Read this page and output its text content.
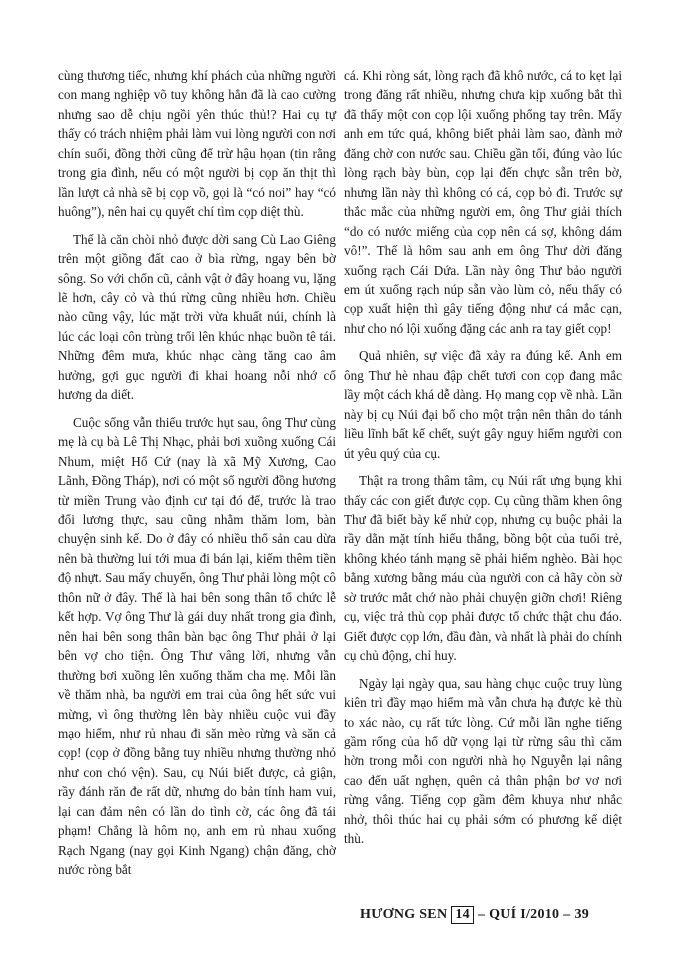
cùng thương tiếc, nhưng khí phách của những người con mang nghiệp võ tuy không hẳn đã là cao cường nhưng sao dễ chịu ngồi yên thúc thủ!? Hai cụ tự thấy có trách nhiệm phải làm vui lòng người con nơi chín suối, đồng thời cũng để trừ hậu họan (tin rằng trong gia đình, nếu có một người bị cọp ăn thịt thì lần lượt cả nhà sẽ bị cọp vồ, gọi là “có noi” hay “có huông”), nên hai cụ quyết chí tìm cọp diệt thù.

Thế là căn chòi nhỏ được dời sang Cù Lao Giêng trên một giồng đất cao ở bìa rừng, ngay bên bờ sông. So với chốn cũ, cảnh vật ở đây hoang vu, lặng lẽ hơn, cây cỏ và thú rừng cũng nhiều hơn. Chiều nào cũng vậy, lúc mặt trời vừa khuất núi, chính là lúc các loại côn trùng trổi lên khúc nhạc buồn tê tái. Những đêm mưa, khúc nhạc càng tăng cao âm hưởng, gợi gục người đi khai hoang nỗi nhớ cố hương da diết.

Cuộc sống vẫn thiếu trước hụt sau, ông Thư cùng mẹ là cụ bà Lê Thị Nhạc, phải bơi xuồng xuống Cái Nhum, miệt Hổ Cứ (nay là xã Mỹ Xương, Cao Lãnh, Đồng Tháp), nơi có một số người đồng hương từ miền Trung vào định cư tại đó để, trước là trao đổi lương thực, sau cũng nhằm thăm lom, bàn chuyện sinh kế. Do ở đây có nhiều thổ sản cau dừa nên bà thường lui tới mua đi bán lại, kiếm thêm tiền độ nhựt. Sau mấy chuyến, ông Thư phải lòng một cô thôn nữ ở đây. Thế là hai bên song thân tổ chức lễ kết hợp. Vợ ông Thư là gái duy nhất trong gia đình, nên hai bên song thân bàn bạc ông Thư phải ở lại bên vợ cho tiện. Ông Thư vâng lời, nhưng vẫn thường bơi xuồng lên xuống thăm cha mẹ. Mỗi lần về thăm nhà, ba người em trai của ông hết sức vui mừng, vì ông thường lên bày nhiều cuộc vui đầy mạo hiểm, như rủ nhau đi săn mèo rừng và săn cả cọp! (cọp ở đồng bằng tuy nhiều nhưng thường nhỏ như con chó vện). Sau, cụ Núi biết được, cả giận, rầy đánh răn đe rất dữ, nhưng do bản tính ham vui, lại can đảm nên có lần do tình cờ, các ông đã tái phạm! Chẳng là hôm nọ, anh em rủ nhau xuống Rạch Ngang (nay gọi Kinh Ngang) chận đăng, chờ nước ròng bắt

cá. Khi ròng sát, lòng rạch đã khô nước, cá to kẹt lại trong đăng rất nhiều, nhưng chưa kịp xuống bắt thì đã thấy một con cọp lội xuống phổng tay trên. Mấy anh em tức quá, không biết phải làm sao, đành mở đăng chờ con nước sau. Chiều gần tối, đúng vào lúc lòng rạch bày bùn, cọp lại đến chực sẵn trên bờ, nhưng lần này thì không có cá, cọp bỏ đi. Trước sự thắc mắc của những người em, ông Thư giải thích “do có nước miếng của cọp nên cá sợ, không dám vô!”. Thế là hôm sau anh em ông Thư dời đăng xuống rạch Cái Dứa. Lần này ông Thư bảo người em út xuống rạch núp sẵn vào lùm cỏ, nếu thấy có cọp xuất hiện thì gây tiếng động như cá mắc cạn, như cho nó lội xuống đặng các anh ra tay giết cọp!

Quả nhiên, sự việc đã xảy ra đúng kế. Anh em ông Thư hè nhau đập chết tươi con cọp đang mắc lầy một cách khá dễ dàng. Họ mang cọp về nhà. Lần này bị cụ Núi đại bố cho một trận nên thân do tánh liều lĩnh bất kể chết, suýt gây nguy hiểm người con út yêu quý của cụ.

Thật ra trong thâm tâm, cụ Núi rất ưng bụng khi thấy các con giết được cọp. Cụ cũng thầm khen ông Thư đã biết bày kế nhử cọp, nhưng cụ buộc phải la rầy dằn mặt tính hiếu thắng, bồng bột của tuổi trẻ, không khéo tánh mạng sẽ phải hiểm nghèo. Bài học bằng xương bằng máu của người con cả hãy còn sờ sờ trước mắt chớ nào phải chuyện giỡn chơi! Riêng cụ, việc trả thù cọp phải được tổ chức thật chu đáo. Giết được cọp lớn, đầu đàn, và nhất là phải do chính cụ chủ động, chỉ huy.

Ngày lại ngày qua, sau hàng chục cuộc truy lùng kiên trì đầy mạo hiểm mà vẫn chưa hạ được kẻ thù to xác nào, cụ rất tức lòng. Cứ mỗi lần nghe tiếng gầm rống của hổ dữ vọng lại từ rừng sâu thì căm hờn trong mỗi con người nhà họ Nguyễn lại nâng cao đến uất nghẹn, quên cả thân phận bơ vơ nơi rừng vắng. Tiếng cọp gầm đêm khuya như nhắc nhở, thôi thúc hai cụ phải sớm có phương kế diệt thù.

HƯƠNG SEN 14 – QUÍ I/2010 – 39
